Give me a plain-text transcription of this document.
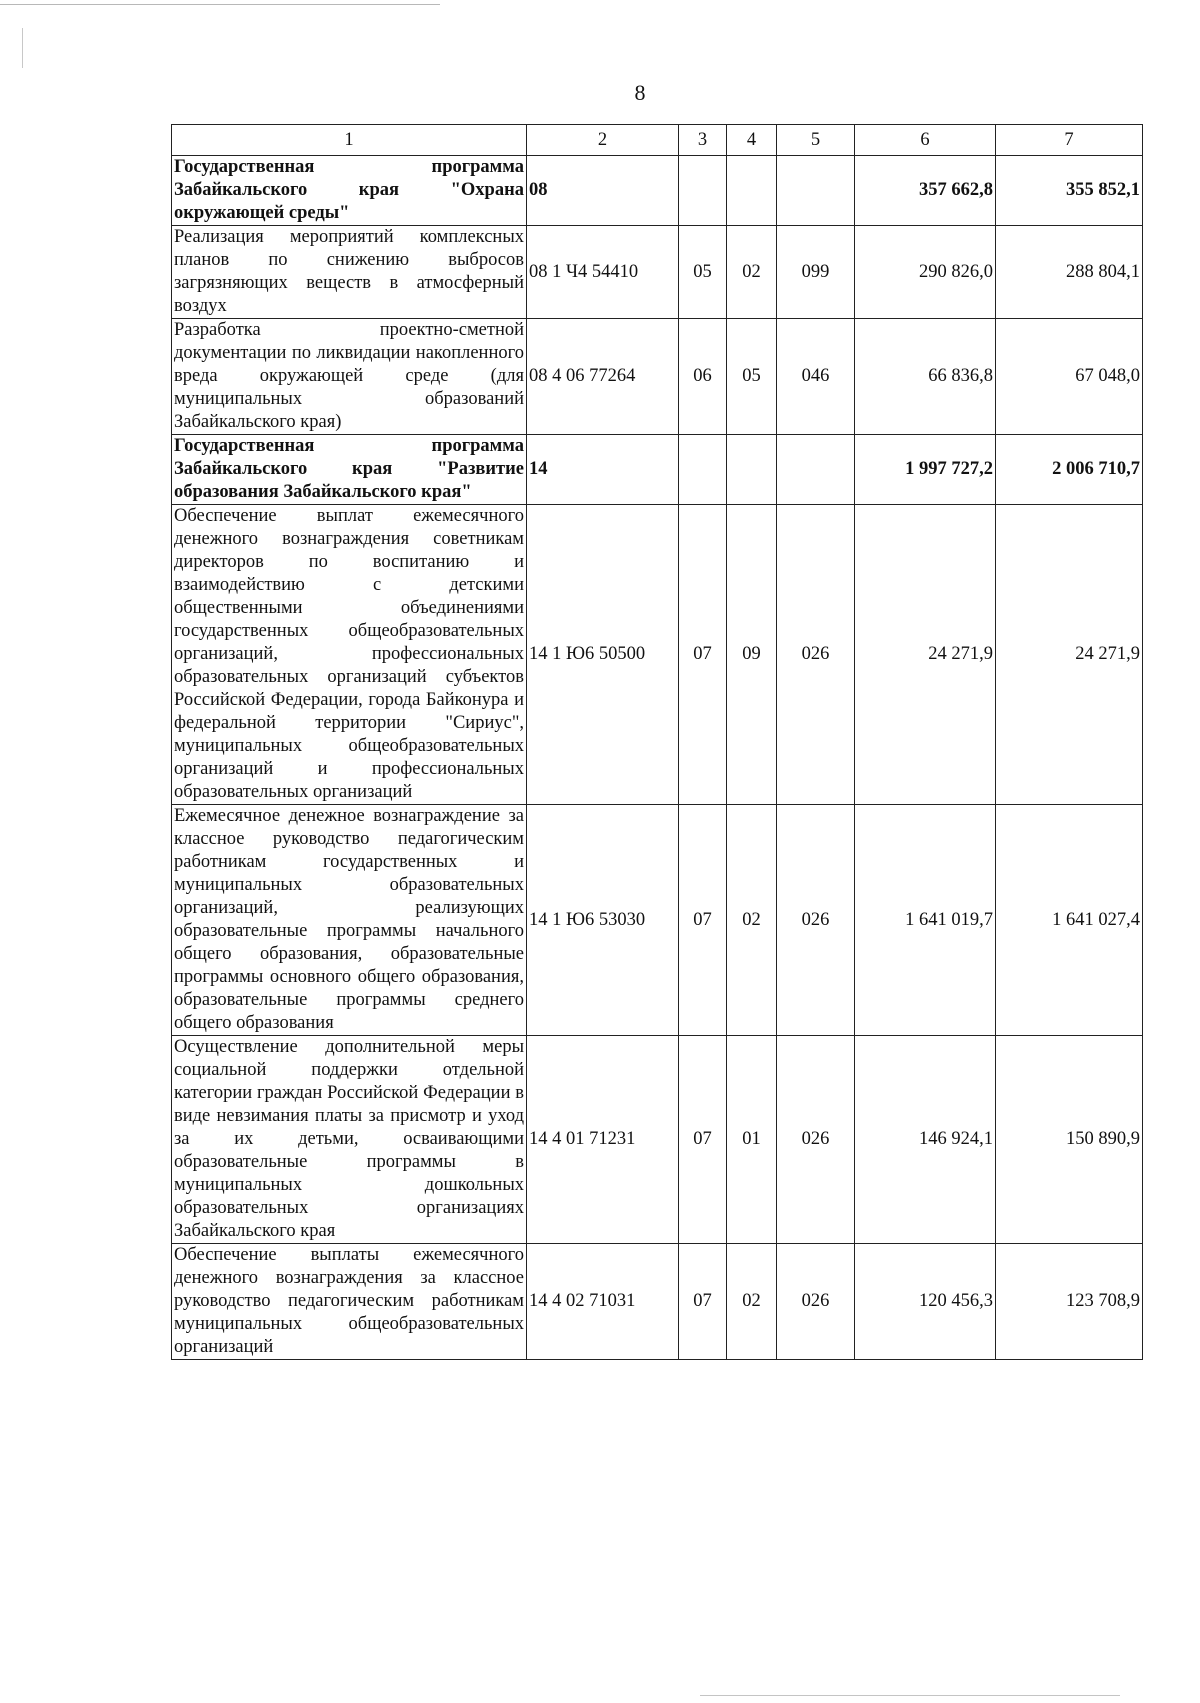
8
1	2	3	4	5	6	7
Государственная программа Забайкальского края "Охрана окружающей среды"	08				357 662,8	355 852,1
Реализация мероприятий комплексных планов по снижению выбросов загрязняющих веществ в атмосферный воздух	08 1 Ч4 54410	05	02	099	290 826,0	288 804,1
Разработка проектно-сметной документации по ликвидации накопленного вреда окружающей среде (для муниципальных образований Забайкальского края)	08 4 06 77264	06	05	046	66 836,8	67 048,0
Государственная программа Забайкальского края "Развитие образования Забайкальского края"	14				1 997 727,2	2 006 710,7
Обеспечение выплат ежемесячного денежного вознаграждения советникам директоров по воспитанию и взаимодействию с детскими общественными объединениями государственных общеобразовательных организаций, профессиональных образовательных организаций субъектов Российской Федерации, города Байконура и федеральной территории "Сириус", муниципальных общеобразовательных организаций и профессиональных образовательных организаций	14 1 Ю6 50500	07	09	026	24 271,9	24 271,9
Ежемесячное денежное вознаграждение за классное руководство педагогическим работникам государственных и муниципальных образовательных организаций, реализующих образовательные программы начального общего образования, образовательные программы основного общего образования, образовательные программы среднего общего образования	14 1 Ю6 53030	07	02	026	1 641 019,7	1 641 027,4
Осуществление дополнительной меры социальной поддержки отдельной категории граждан Российской Федерации в виде невзимания платы за присмотр и уход за их детьми, осваивающими образовательные программы в муниципальных дошкольных образовательных организациях Забайкальского края	14 4 01 71231	07	01	026	146 924,1	150 890,9
Обеспечение выплаты ежемесячного денежного вознаграждения за классное руководство педагогическим работникам муниципальных общеобразовательных организаций	14 4 02 71031	07	02	026	120 456,3	123 708,9
